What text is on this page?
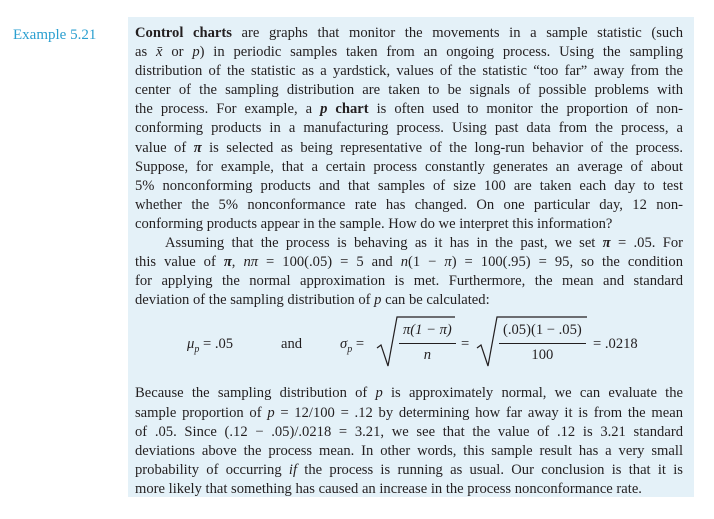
Example 5.21	Control charts are graphs that monitor the movements in a sample statistic (such
as x̄ or p) in periodic samples taken from an ongoing process. Using the sampling
distribution of the statistic as a yardstick, values of the statistic “too far” away from the
center of the sampling distribution are taken to be signals of possible problems with
the process. For example, a p chart is often used to monitor the proportion of non-
conforming products in a manufacturing process. Using past data from the process, a
value of π is selected as being representative of the long-run behavior of the process.
Suppose, for example, that a certain process constantly generates an average of about
5% nonconforming products and that samples of size 100 are taken each day to test
whether the 5% nonconformance rate has changed. On one particular day, 12 non-
conforming products appear in the sample. How do we interpret this information?

Assuming that the process is behaving as it has in the past, we set π = .05. For
this value of π, nπ = 100(.05) = 5 and n(1 − π) = 100(.95) = 95, so the condition
for applying the normal approximation is met. Furthermore, the mean and standard
deviation of the sampling distribution of p can be calculated:

$\mu_p = .05$	and	$\sigma_p = \frac{\pi(1 - \pi)}{n} = \frac{(.05)(1 - .05)}{100} = .0218$

Because the sampling distribution of p is approximately normal, we can evaluate the
sample proportion of p = 12/100 = .12 by determining how far away it is from the mean
of .05. Since (.12 − .05)/.0218 = 3.21, we see that the value of .12 is 3.21 standard
deviations above the process mean. In other words, this sample result has a very small
probability of occurring if the process is running as usual. Our conclusion is that it is
more likely that something has caused an increase in the process nonconformance rate.
